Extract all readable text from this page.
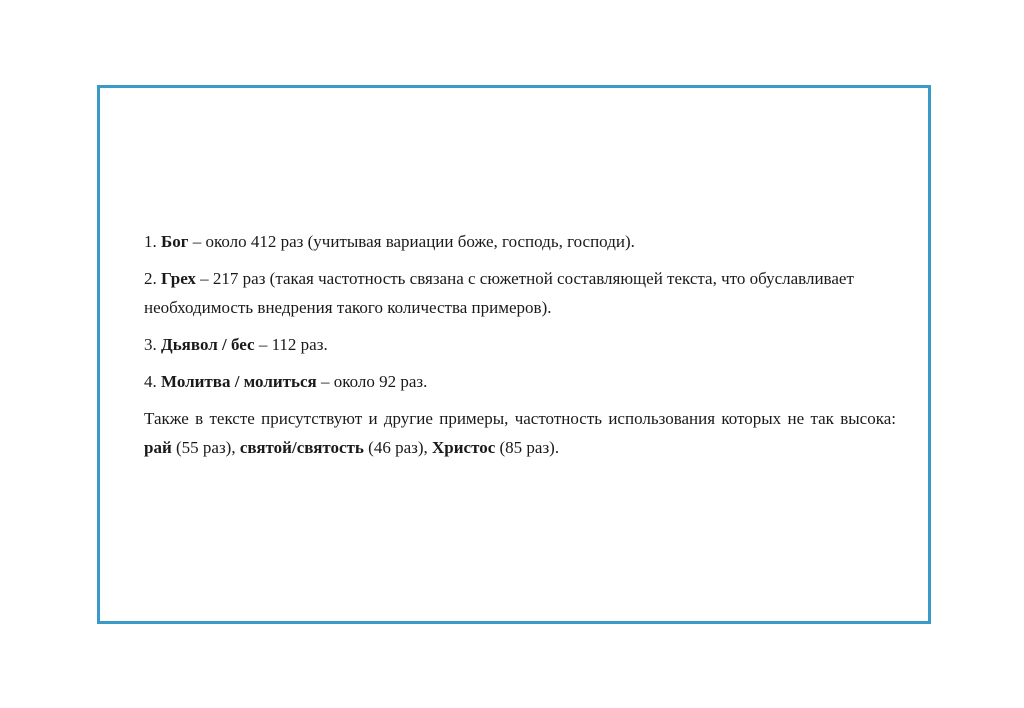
1. Бог – около 412 раз (учитывая вариации боже, господь, господи).

2. Грех – 217 раз (такая частотность связана с сюжетной составляющей текста, что обуславливает необходимость внедрения такого количества примеров).

3. Дьявол / бес – 112 раз.

4. Молитва / молиться – около 92 раз.

Также в тексте присутствуют и другие примеры, частотность использования которых не так высока: рай (55 раз), святой/святость (46 раз), Христос (85 раз).
